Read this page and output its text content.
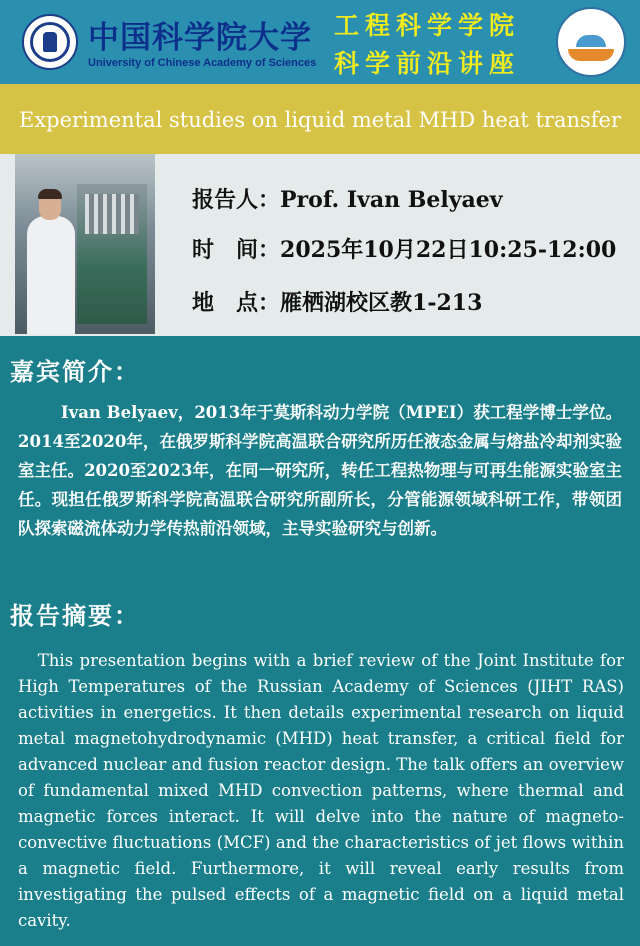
中国科学院大学
University of Chinese Academy of Sciences
工程科学学院
科学前沿讲座
Experimental studies on liquid metal MHD heat transfer
报告人：Prof. Ivan Belyaev
时　间：2025年10月22日10:25-12:00
地　点：雁栖湖校区教1-213
嘉宾简介：
Ivan Belyaev，2013年于莫斯科动力学院（MPEI）获工程学博士学位。2014至2020年，在俄罗斯科学院高温联合研究所历任液态金属与熔盐冷却剂实验室主任。2020至2023年，在同一研究所，转任工程热物理与可再生能源实验室主任。现担任俄罗斯科学院高温联合研究所副所长，分管能源领域科研工作，带领团队探索磁流体动力学传热前沿领域，主导实验研究与创新。
报告摘要：
This presentation begins with a brief review of the Joint Institute for High Temperatures of the Russian Academy of Sciences (JIHT RAS) activities in energetics. It then details experimental research on liquid metal magnetohydrodynamic (MHD) heat transfer, a critical field for advanced nuclear and fusion reactor design. The talk offers an overview of fundamental mixed MHD convection patterns, where thermal and magnetic forces interact. It will delve into the nature of magneto-convective fluctuations (MCF) and the characteristics of jet flows within a magnetic field. Furthermore, it will reveal early results from investigating the pulsed effects of a magnetic field on a liquid metal cavity.
